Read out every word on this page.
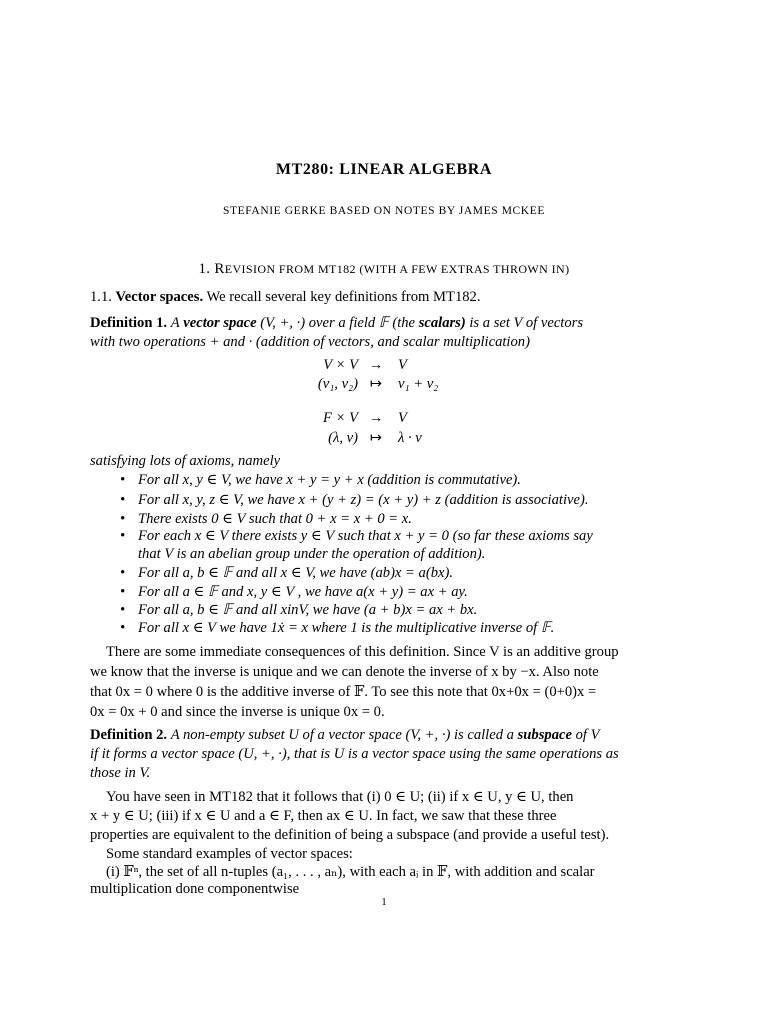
MT280: LINEAR ALGEBRA
STEFANIE GERKE BASED ON NOTES BY JAMES MCKEE
1. REVISION FROM MT182 (WITH A FEW EXTRAS THROWN IN)
1.1. Vector spaces. We recall several key definitions from MT182.
Definition 1. A vector space (V, +, ·) over a field 𝔽 (the scalars) is a set V of vectors
with two operations + and · (addition of vectors, and scalar multiplication)
V × V →	V
(v₁, v₂) ↦	v₁ + v₂
F × V →	V
(λ, v) ↦	λ · v
satisfying lots of axioms, namely
• For all x, y ∈ V, we have x + y = y + x (addition is commutative).
• For all x, y, z ∈ V, we have x + (y + z) = (x + y) + z (addition is associative).
• There exists 0 ∈ V such that 0 + x = x + 0 = x.
• For each x ∈ V there exists y ∈ V such that x + y = 0 (so far these axioms say
that V is an abelian group under the operation of addition).
• For all a, b ∈ 𝔽 and all x ∈ V, we have (ab)x = a(bx).
• For all a ∈ 𝔽 and x, y ∈ V , we have a(x + y) = ax + ay.
• For all a, b ∈ 𝔽 and all xinV, we have (a + b)x = ax + bx.
• For all x ∈ V we have 1ẋ = x where 1 is the multiplicative inverse of 𝔽.
There are some immediate consequences of this definition. Since V is an additive group
we know that the inverse is unique and we can denote the inverse of x by −x. Also note
that 0x = 0 where 0 is the additive inverse of 𝔽. To see this note that 0x+0x = (0+0)x =
0x = 0x + 0 and since the inverse is unique 0x = 0.
Definition 2. A non-empty subset U of a vector space (V, +, ·) is called a subspace of V
if it forms a vector space (U, +, ·), that is U is a vector space using the same operations as
those in V.
You have seen in MT182 that it follows that (i) 0 ∈ U; (ii) if x ∈ U, y ∈ U, then
x + y ∈ U; (iii) if x ∈ U and a ∈ F, then ax ∈ U. In fact, we saw that these three
properties are equivalent to the definition of being a subspace (and provide a useful test).
Some standard examples of vector spaces:
(i) 𝔽ⁿ, the set of all n-tuples (a₁, . . . , aₙ), with each aᵢ in 𝔽, with addition and scalar
multiplication done componentwise
1
